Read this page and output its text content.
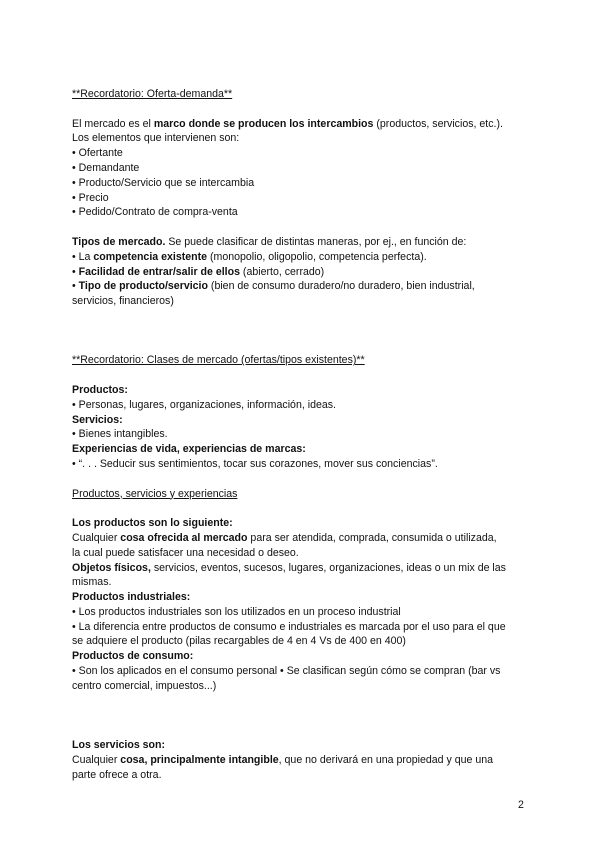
**Recordatorio: Oferta-demanda**
El mercado es el marco donde se producen los intercambios (productos, servicios, etc.).
Los elementos que intervienen son:
• Ofertante
• Demandante
• Producto/Servicio que se intercambia
• Precio
• Pedido/Contrato de compra-venta
Tipos de mercado. Se puede clasificar de distintas maneras, por ej., en función de:
• La competencia existente (monopolio, oligopolio, competencia perfecta).
• Facilidad de entrar/salir de ellos (abierto, cerrado)
• Tipo de producto/servicio (bien de consumo duradero/no duradero, bien industrial,
servicios, financieros)
**Recordatorio: Clases de mercado (ofertas/tipos existentes)**
Productos:
• Personas, lugares, organizaciones, información, ideas.
Servicios:
• Bienes intangibles.
Experiencias de vida, experiencias de marcas:
• “. . . Seducir sus sentimientos, tocar sus corazones, mover sus conciencias”.
Productos, servicios y experiencias
Los productos son lo siguiente:
Cualquier cosa ofrecida al mercado para ser atendida, comprada, consumida o utilizada,
la cual puede satisfacer una necesidad o deseo.
Objetos físicos, servicios, eventos, sucesos, lugares, organizaciones, ideas o un mix de las
mismas.
Productos industriales:
• Los productos industriales son los utilizados en un proceso industrial
• La diferencia entre productos de consumo e industriales es marcada por el uso para el que
se adquiere el producto (pilas recargables de 4 en 4 Vs de 400 en 400)
Productos de consumo:
• Son los aplicados en el consumo personal • Se clasifican según cómo se compran (bar vs
centro comercial, impuestos...)
Los servicios son:
Cualquier cosa, principalmente intangible, que no derivará en una propiedad y que una
parte ofrece a otra.
2
